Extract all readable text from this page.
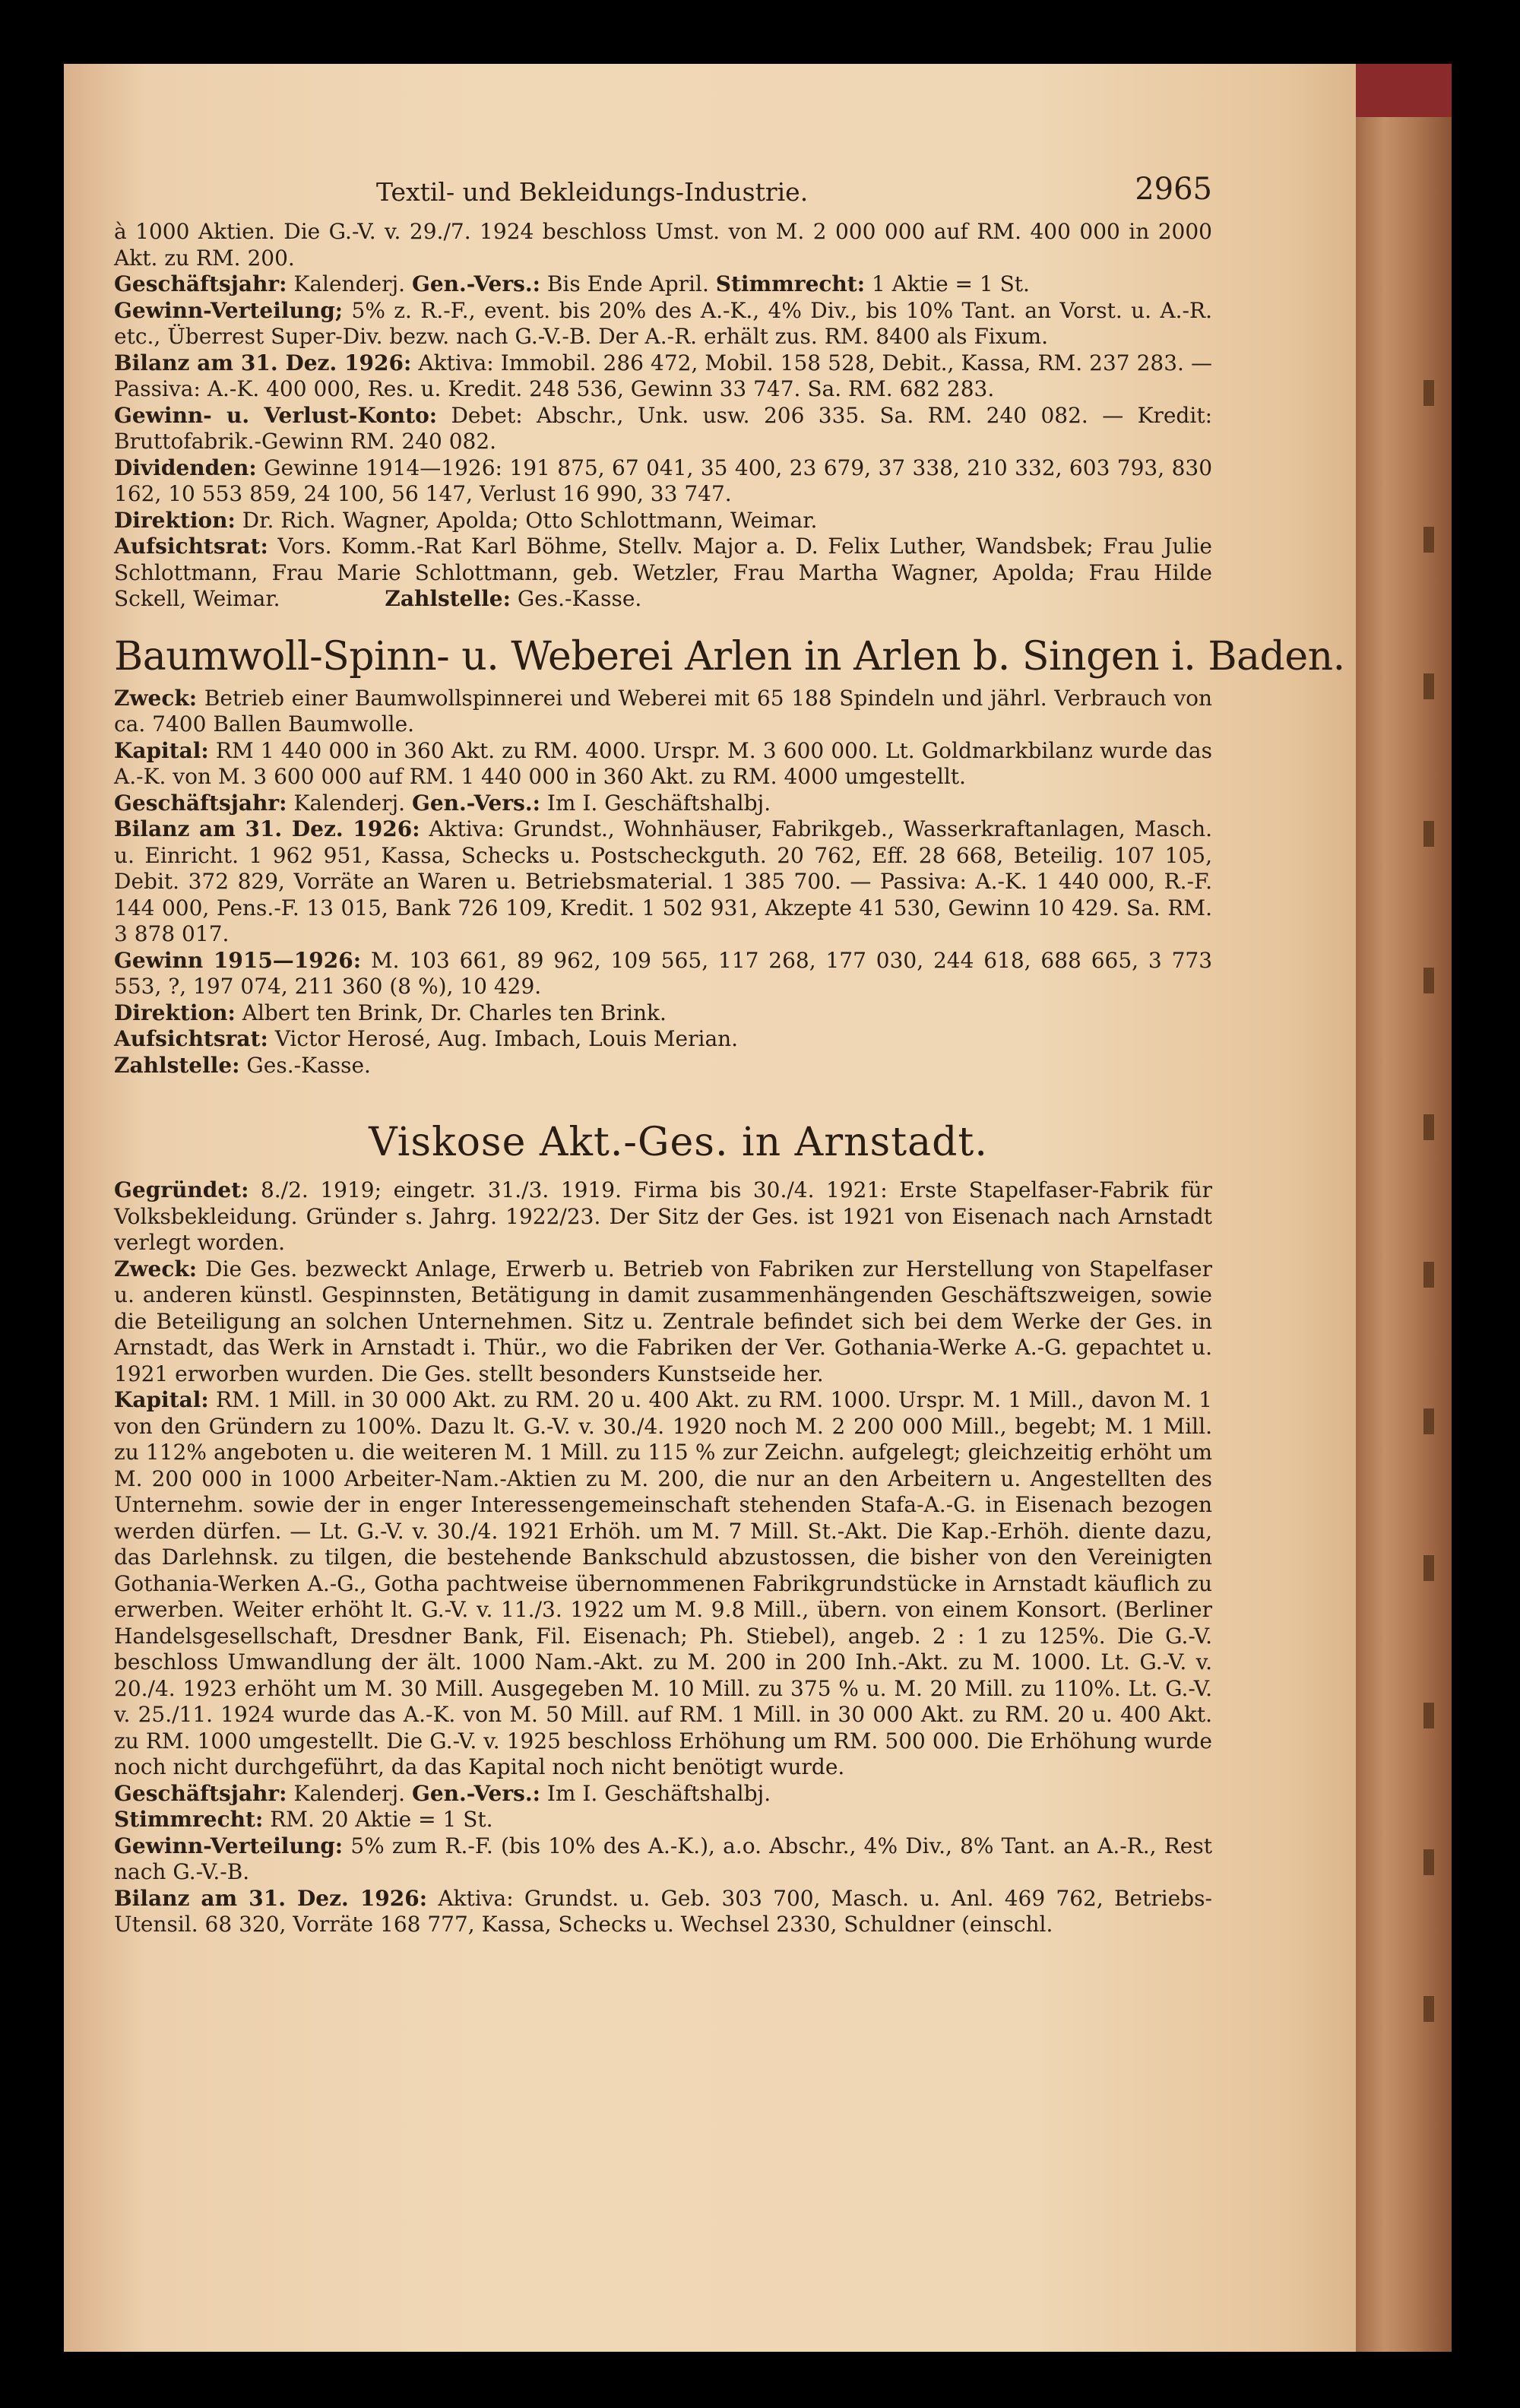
Textil- und Bekleidungs-Industrie.	2965

à 1000 Aktien. Die G.-V. v. 29./7. 1924 beschloss Umst. von M. 2 000 000 auf RM. 400 000 in 2000 Akt. zu RM. 200.

Geschäftsjahr: Kalenderj. Gen.-Vers.: Bis Ende April. Stimmrecht: 1 Aktie = 1 St.

Gewinn-Verteilung; 5% z. R.-F., event. bis 20% des A.-K., 4% Div., bis 10% Tant. an Vorst. u. A.-R. etc., Überrest Super-Div. bezw. nach G.-V.-B. Der A.-R. erhält zus. RM. 8400 als Fixum.

Bilanz am 31. Dez. 1926: Aktiva: Immobil. 286 472, Mobil. 158 528, Debit., Kassa, RM. 237 283. — Passiva: A.-K. 400 000, Res. u. Kredit. 248 536, Gewinn 33 747. Sa. RM. 682 283.

Gewinn- u. Verlust-Konto: Debet: Abschr., Unk. usw. 206 335. Sa. RM. 240 082. — Kredit: Bruttofabrik.-Gewinn RM. 240 082.

Dividenden: Gewinne 1914—1926: 191 875, 67 041, 35 400, 23 679, 37 338, 210 332, 603 793, 830 162, 10 553 859, 24 100, 56 147, Verlust 16 990, 33 747.

Direktion: Dr. Rich. Wagner, Apolda; Otto Schlottmann, Weimar.

Aufsichtsrat: Vors. Komm.-Rat Karl Böhme, Stellv. Major a. D. Felix Luther, Wandsbek; Frau Julie Schlottmann, Frau Marie Schlottmann, geb. Wetzler, Frau Martha Wagner, Apolda; Frau Hilde Sckell, Weimar.	Zahlstelle: Ges.-Kasse.

Baumwoll-Spinn- u. Weberei Arlen in Arlen b. Singen i. Baden.

Zweck: Betrieb einer Baumwollspinnerei und Weberei mit 65 188 Spindeln und jährl. Verbrauch von ca. 7400 Ballen Baumwolle.

Kapital: RM 1 440 000 in 360 Akt. zu RM. 4000. Urspr. M. 3 600 000. Lt. Goldmarkbilanz wurde das A.-K. von M. 3 600 000 auf RM. 1 440 000 in 360 Akt. zu RM. 4000 umgestellt.

Geschäftsjahr: Kalenderj. Gen.-Vers.: Im I. Geschäftshalbj.

Bilanz am 31. Dez. 1926: Aktiva: Grundst., Wohnhäuser, Fabrikgeb., Wasserkraftanlagen, Masch. u. Einricht. 1 962 951, Kassa, Schecks u. Postscheckguth. 20 762, Eff. 28 668, Beteilig. 107 105, Debit. 372 829, Vorräte an Waren u. Betriebsmaterial. 1 385 700. — Passiva: A.-K. 1 440 000, R.-F. 144 000, Pens.-F. 13 015, Bank 726 109, Kredit. 1 502 931, Akzepte 41 530, Gewinn 10 429. Sa. RM. 3 878 017.

Gewinn 1915—1926: M. 103 661, 89 962, 109 565, 117 268, 177 030, 244 618, 688 665, 3 773 553, ?, 197 074, 211 360 (8 %), 10 429.

Direktion: Albert ten Brink, Dr. Charles ten Brink.

Aufsichtsrat: Victor Herosé, Aug. Imbach, Louis Merian.

Zahlstelle: Ges.-Kasse.

Viskose Akt.-Ges. in Arnstadt.

Gegründet: 8./2. 1919; eingetr. 31./3. 1919. Firma bis 30./4. 1921: Erste Stapelfaser-Fabrik für Volksbekleidung. Gründer s. Jahrg. 1922/23. Der Sitz der Ges. ist 1921 von Eisenach nach Arnstadt verlegt worden.

Zweck: Die Ges. bezweckt Anlage, Erwerb u. Betrieb von Fabriken zur Herstellung von Stapelfaser u. anderen künstl. Gespinnsten, Betätigung in damit zusammenhängenden Geschäftszweigen, sowie die Beteiligung an solchen Unternehmen. Sitz u. Zentrale befindet sich bei dem Werke der Ges. in Arnstadt, das Werk in Arnstadt i. Thür., wo die Fabriken der Ver. Gothania-Werke A.-G. gepachtet u. 1921 erworben wurden. Die Ges. stellt besonders Kunstseide her.

Kapital: RM. 1 Mill. in 30 000 Akt. zu RM. 20 u. 400 Akt. zu RM. 1000. Urspr. M. 1 Mill., davon M. 1 von den Gründern zu 100%. Dazu lt. G.-V. v. 30./4. 1920 noch M. 2 200 000 Mill., begebt; M. 1 Mill. zu 112% angeboten u. die weiteren M. 1 Mill. zu 115 % zur Zeichn. aufgelegt; gleichzeitig erhöht um M. 200 000 in 1000 Arbeiter-Nam.-Aktien zu M. 200, die nur an den Arbeitern u. Angestellten des Unternehm. sowie der in enger Interessengemeinschaft stehenden Stafa-A.-G. in Eisenach bezogen werden dürfen. — Lt. G.-V. v. 30./4. 1921 Erhöh. um M. 7 Mill. St.-Akt. Die Kap.-Erhöh. diente dazu, das Darlehnsk. zu tilgen, die bestehende Bankschuld abzustossen, die bisher von den Vereinigten Gothania-Werken A.-G., Gotha pachtweise übernommenen Fabrikgrundstücke in Arnstadt käuflich zu erwerben. Weiter erhöht lt. G.-V. v. 11./3. 1922 um M. 9.8 Mill., übern. von einem Konsort. (Berliner Handelsgesellschaft, Dresdner Bank, Fil. Eisenach; Ph. Stiebel), angeb. 2 : 1 zu 125%. Die G.-V. beschloss Umwandlung der ält. 1000 Nam.-Akt. zu M. 200 in 200 Inh.-Akt. zu M. 1000. Lt. G.-V. v. 20./4. 1923 erhöht um M. 30 Mill. Ausgegeben M. 10 Mill. zu 375 % u. M. 20 Mill. zu 110%. Lt. G.-V. v. 25./11. 1924 wurde das A.-K. von M. 50 Mill. auf RM. 1 Mill. in 30 000 Akt. zu RM. 20 u. 400 Akt. zu RM. 1000 umgestellt. Die G.-V. v. 1925 beschloss Erhöhung um RM. 500 000. Die Erhöhung wurde noch nicht durchgeführt, da das Kapital noch nicht benötigt wurde.

Geschäftsjahr: Kalenderj. Gen.-Vers.: Im I. Geschäftshalbj.

Stimmrecht: RM. 20 Aktie = 1 St.

Gewinn-Verteilung: 5% zum R.-F. (bis 10% des A.-K.), a.o. Abschr., 4% Div., 8% Tant. an A.-R., Rest nach G.-V.-B.

Bilanz am 31. Dez. 1926: Aktiva: Grundst. u. Geb. 303 700, Masch. u. Anl. 469 762, Betriebs-Utensil. 68 320, Vorräte 168 777, Kassa, Schecks u. Wechsel 2330, Schuldner (einschl.
